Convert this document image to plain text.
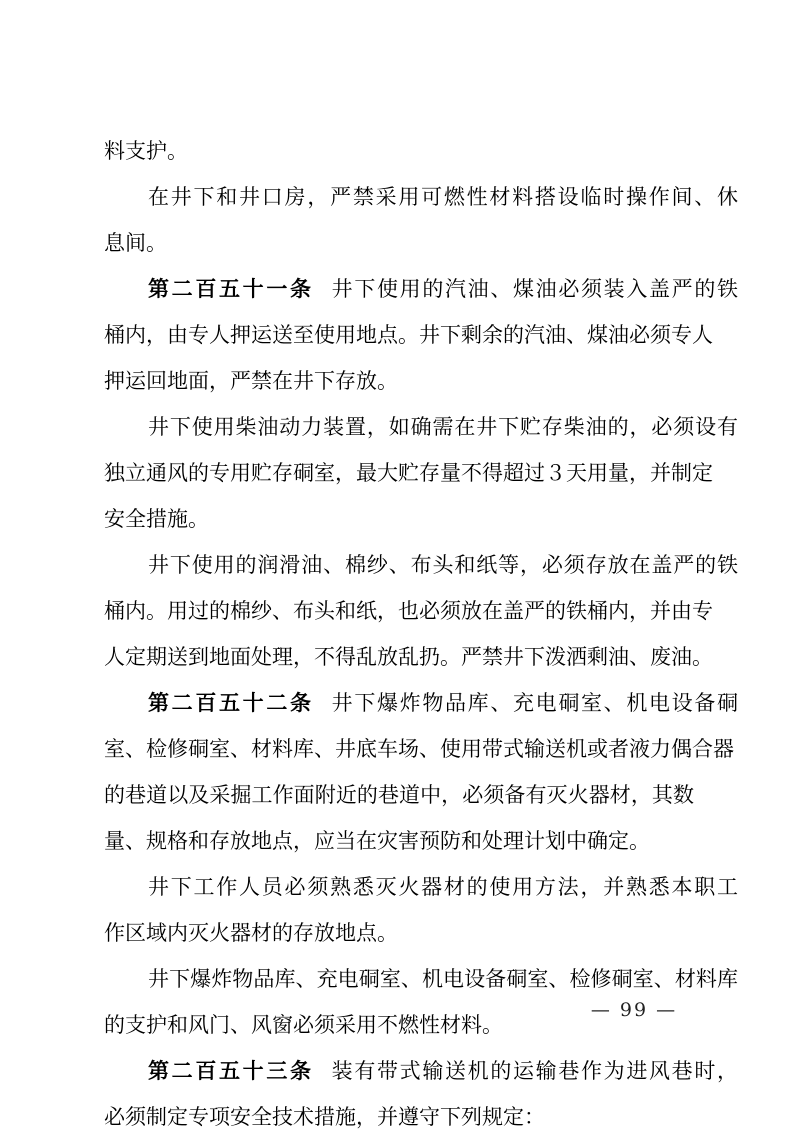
料支护。
在井下和井口房，严禁采用可燃性材料搭设临时操作间、休
息间。
第二百五十一条 井下使用的汽油、煤油必须装入盖严的铁
桶内，由专人押运送至使用地点。井下剩余的汽油、煤油必须专人
押运回地面，严禁在井下存放。
井下使用柴油动力装置，如确需在井下贮存柴油的，必须设有
独立通风的专用贮存硐室，最大贮存量不得超过３天用量，并制定
安全措施。
井下使用的润滑油、棉纱、布头和纸等，必须存放在盖严的铁
桶内。用过的棉纱、布头和纸，也必须放在盖严的铁桶内，并由专
人定期送到地面处理，不得乱放乱扔。严禁井下泼洒剩油、废油。
第二百五十二条 井下爆炸物品库、充电硐室、机电设备硐
室、检修硐室、材料库、井底车场、使用带式输送机或者液力偶合器
的巷道以及采掘工作面附近的巷道中，必须备有灭火器材，其数
量、规格和存放地点，应当在灾害预防和处理计划中确定。
井下工作人员必须熟悉灭火器材的使用方法，并熟悉本职工
作区域内灭火器材的存放地点。
井下爆炸物品库、充电硐室、机电设备硐室、检修硐室、材料库
的支护和风门、风窗必须采用不燃性材料。
第二百五十三条 装有带式输送机的运输巷作为进风巷时，
必须制定专项安全技术措施，并遵守下列规定：
— 99 —
